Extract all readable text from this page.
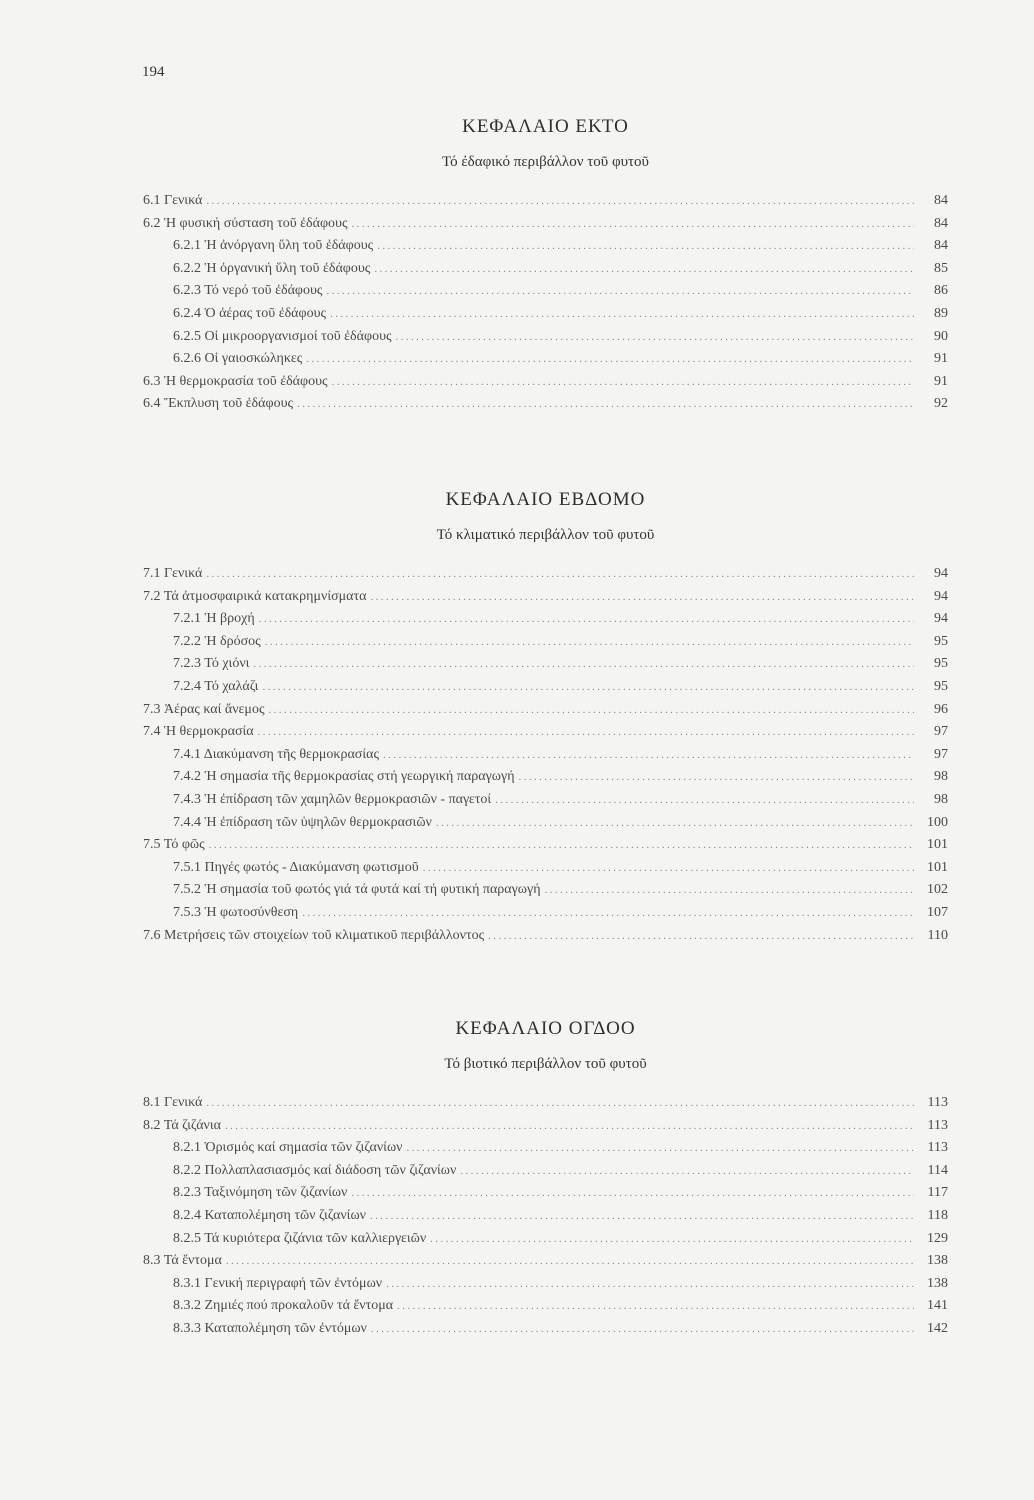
194
ΚΕΦΑΛΑΙΟ ΕΚΤΟ
Τό ἐδαφικό περιβάλλον τοῦ φυτοῦ
6.1 Γενικά .....	84
6.2 Ἡ φυσική σύσταση τοῦ ἐδάφους .....	84
6.2.1 Ἡ ἀνόργανη ὕλη τοῦ ἐδάφους .....	84
6.2.2 Ἡ ὀργανική ὕλη τοῦ ἐδάφους .....	85
6.2.3 Τό νερό τοῦ ἐδάφους .....	86
6.2.4 Ὁ ἀέρας τοῦ ἐδάφους .....	89
6.2.5 Οἱ μικροοργανισμοί τοῦ ἐδάφους .....	90
6.2.6 Οἱ γαιοσκώληκες .....	91
6.3 Ἡ θερμοκρασία τοῦ ἐδάφους .....	91
6.4 Ἔκπλυση τοῦ ἐδάφους .....	92
ΚΕΦΑΛΑΙΟ ΕΒΔΟΜΟ
Τό κλιματικό περιβάλλον τοῦ φυτοῦ
7.1 Γενικά .....	94
7.2 Τά ἀτμοσφαιρικά κατακρημνίσματα .....	94
7.2.1 Ἡ βροχή .....	94
7.2.2 Ἡ δρόσος .....	95
7.2.3 Τό χιόνι .....	95
7.2.4 Τό χαλάζι .....	95
7.3 Ἀέρας καί ἄνεμος .....	96
7.4 Ἡ θερμοκρασία .....	97
7.4.1 Διακύμανση τῆς θερμοκρασίας .....	97
7.4.2 Ἡ σημασία τῆς θερμοκρασίας στή γεωργική παραγωγή .....	98
7.4.3 Ἡ ἐπίδραση τῶν χαμηλῶν θερμοκρασιῶν - παγετοί .....	98
7.4.4 Ἡ ἐπίδραση τῶν ὑψηλῶν θερμοκρασιῶν .....	100
7.5 Τό φῶς .....	101
7.5.1 Πηγές φωτός - Διακύμανση φωτισμοῦ .....	101
7.5.2 Ἡ σημασία τοῦ φωτός γιά τά φυτά καί τή φυτική παραγωγή .....	102
7.5.3 Ἡ φωτοσύνθεση .....	107
7.6 Μετρήσεις τῶν στοιχείων τοῦ κλιματικοῦ περιβάλλοντος .....	110
ΚΕΦΑΛΑΙΟ ΟΓΔΟΟ
Τό βιοτικό περιβάλλον τοῦ φυτοῦ
8.1 Γενικά .....	113
8.2 Τά ζιζάνια .....	113
8.2.1 Ὁρισμός καί σημασία τῶν ζιζανίων .....	113
8.2.2 Πολλαπλασιασμός καί διάδοση τῶν ζιζανίων .....	114
8.2.3 Ταξινόμηση τῶν ζιζανίων .....	117
8.2.4 Καταπολέμηση τῶν ζιζανίων .....	118
8.2.5 Τά κυριότερα ζιζάνια τῶν καλλιεργειῶν .....	129
8.3 Τά ἔντομα .....	138
8.3.1 Γενική περιγραφή τῶν ἐντόμων .....	138
8.3.2 Ζημιές πού προκαλοῦν τά ἔντομα .....	141
8.3.3 Καταπολέμηση τῶν ἐντόμων .....	142
